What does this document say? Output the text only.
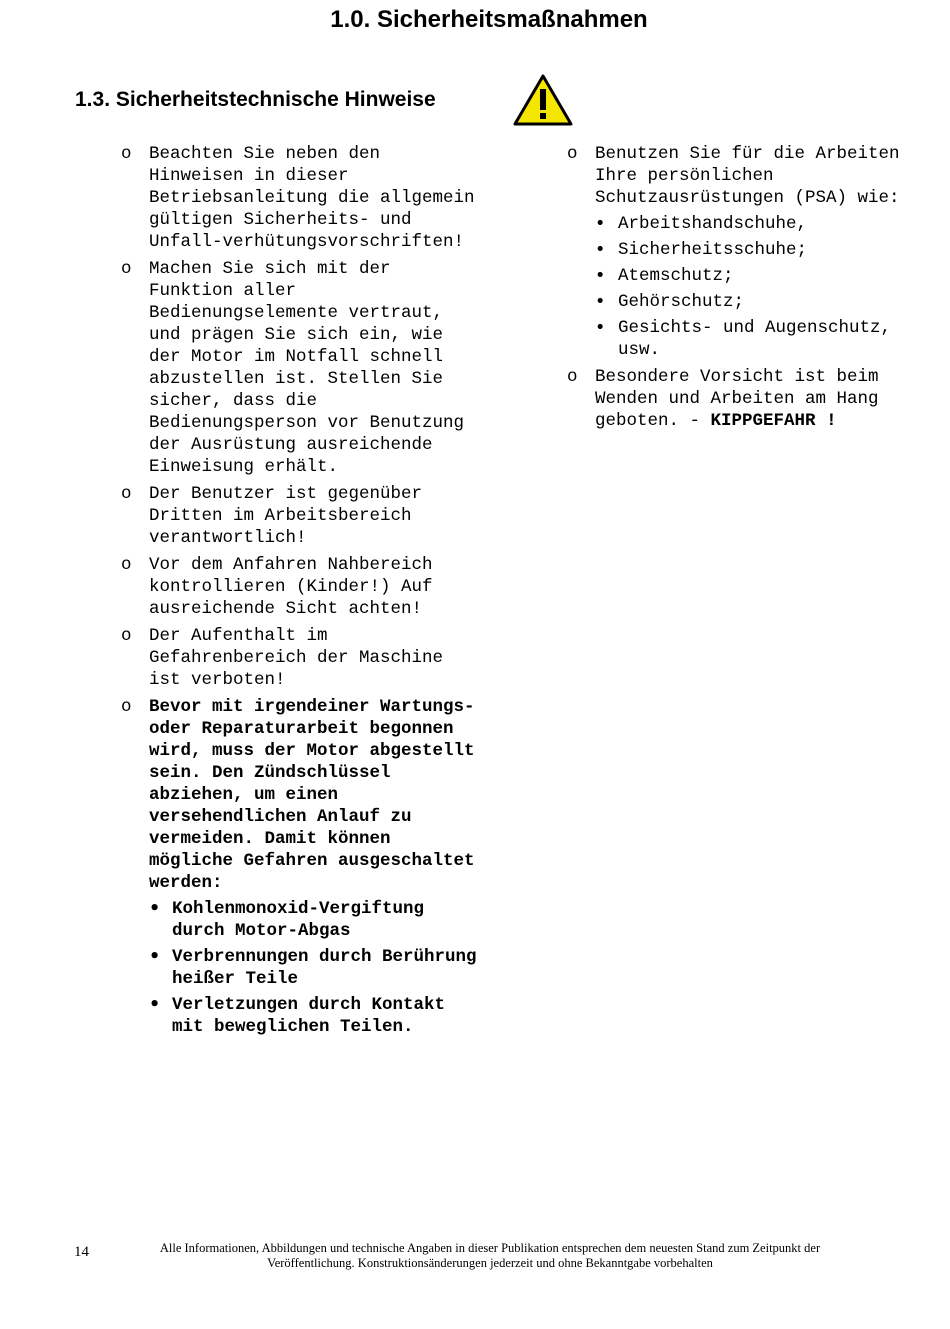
1.0. Sicherheitsmaßnahmen
1.3. Sicherheitstechnische Hinweise
o Beachten Sie neben den Hinweisen in dieser Betriebsanleitung die allgemein gültigen Sicherheits- und Unfall-verhütungsvorschriften!
o Machen Sie sich mit der Funktion aller Bedienungselemente vertraut, und prägen Sie sich ein, wie der Motor im Notfall schnell abzustellen ist. Stellen Sie sicher, dass die Bedienungsperson vor Benutzung der Ausrüstung ausreichende Einweisung erhält.
o Der Benutzer ist gegenüber Dritten im Arbeitsbereich verantwortlich!
o Vor dem Anfahren Nahbereich kontrollieren (Kinder!) Auf ausreichende Sicht achten!
o Der Aufenthalt im Gefahrenbereich der Maschine ist verboten!
o Bevor mit irgendeiner Wartungs- oder Reparaturarbeit begonnen wird, muss der Motor abgestellt sein. Den Zündschlüssel abziehen, um einen versehendlichen Anlauf zu vermeiden. Damit können mögliche Gefahren ausgeschaltet werden:
• Kohlenmonoxid-Vergiftung durch Motor-Abgas
• Verbrennungen durch Berührung heißer Teile
• Verletzungen durch Kontakt mit beweglichen Teilen.
o Benutzen Sie für die Arbeiten Ihre persönlichen Schutzausrüstungen (PSA) wie:
• Arbeitshandschuhe,
• Sicherheitsschuhe;
• Atemschutz;
• Gehörschutz;
• Gesichts- und Augenschutz, usw.
o Besondere Vorsicht ist beim Wenden und Arbeiten am Hang geboten. - KIPPGEFAHR !
14	Alle Informationen, Abbildungen und technische Angaben in dieser Publikation entsprechen dem neuesten Stand zum Zeitpunkt der Veröffentlichung. Konstruktionsänderungen jederzeit und ohne Bekanntgabe vorbehalten
